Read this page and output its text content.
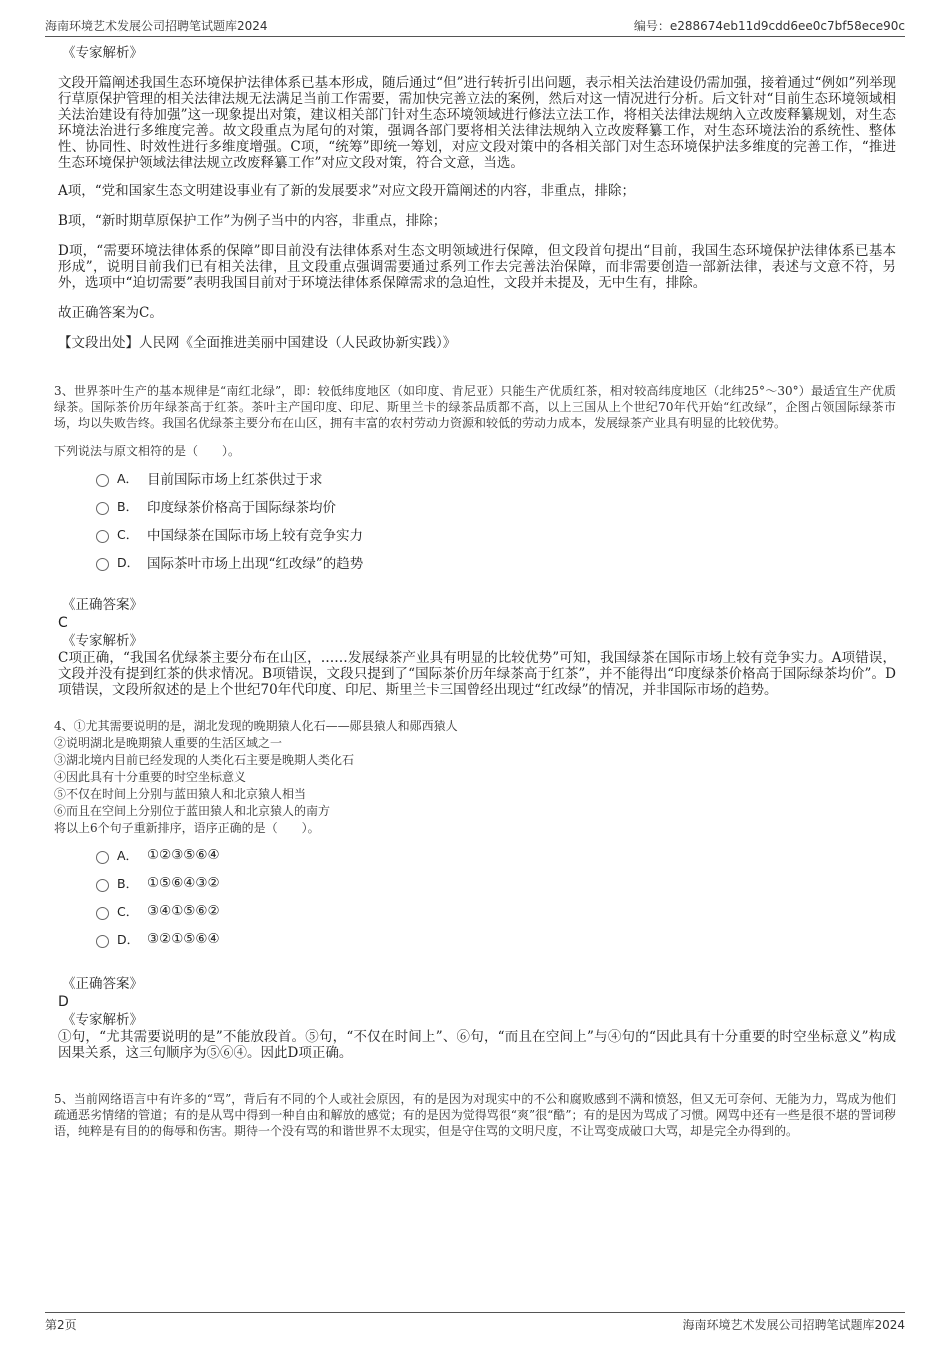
海南环境艺术发展公司招聘笔试题库2024	编号：e288674eb11d9cdd6ee0c7bf58ece90c
《专家解析》

文段开篇阐述我国生态环境保护法律体系已基本形成，随后通过“但”进行转折引出问题，表示相关法治建设仍需加强，接着通过“例如”列举现行草原保护管理的相关法律法规无法满足当前工作需要，需加快完善立法的案例，然后对这一情况进行分析。后文针对“目前生态环境领域相关法治建设有待加强”这一现象提出对策，建议相关部门针对生态环境领域进行修法立法工作，将相关法律法规纳入立改废释纂规划，对生态环境法治进行多维度完善。故文段重点为尾句的对策，强调各部门要将相关法律法规纳入立改废释纂工作，对生态环境法治的系统性、整体性、协同性、时效性进行多维度增强。C项，“统筹”即统一筹划，对应文段对策中的各相关部门对生态环境保护法多维度的完善工作，“推进生态环境保护领域法律法规立改废释纂工作”对应文段对策，符合文意，当选。

A项，“党和国家生态文明建设事业有了新的发展要求”对应文段开篇阐述的内容，非重点，排除；

B项，“新时期草原保护工作”为例子当中的内容，非重点，排除；

D项，“需要环境法律体系的保障”即目前没有法律体系对生态文明领域进行保障，但文段首句提出“目前，我国生态环境保护法律体系已基本形成”，说明目前我们已有相关法律，且文段重点强调需要通过系列工作去完善法治保障，而非需要创造一部新法律，表述与文意不符，另外，选项中“迫切需要”表明我国目前对于环境法律体系保障需求的急迫性，文段并未提及，无中生有，排除。

故正确答案为C。

【文段出处】人民网《全面推进美丽中国建设（人民政协新实践）》

3、世界茶叶生产的基本规律是“南红北绿”，即：较低纬度地区（如印度、肯尼亚）只能生产优质红茶，相对较高纬度地区（北纬25°～30°）最适宜生产优质绿茶。国际茶价历年绿茶高于红茶。茶叶主产国印度、印尼、斯里兰卡的绿茶品质都不高，以上三国从上个世纪70年代开始“红改绿”，企图占领国际绿茶市场，均以失败告终。我国名优绿茶主要分布在山区，拥有丰富的农村劳动力资源和较低的劳动力成本，发展绿茶产业具有明显的比较优势。

下列说法与原文相符的是（　　）。
A． 目前国际市场上红茶供过于求
B． 印度绿茶价格高于国际绿茶均价
C． 中国绿茶在国际市场上较有竞争实力
D． 国际茶叶市场上出现“红改绿”的趋势
《正确答案》
C
《专家解析》

C项正确，“我国名优绿茶主要分布在山区，……发展绿茶产业具有明显的比较优势”可知，我国绿茶在国际市场上较有竞争实力。A项错误，文段并没有提到红茶的供求情况。B项错误，文段只提到了“国际茶价历年绿茶高于红茶”，并不能得出“印度绿茶价格高于国际绿茶均价”。D项错误，文段所叙述的是上个世纪70年代印度、印尼、斯里兰卡三国曾经出现过“红改绿”的情况，并非国际市场的趋势。

4、①尤其需要说明的是，湖北发现的晚期猿人化石——郧县猿人和郧西猿人
②说明湖北是晚期猿人重要的生活区域之一
③湖北境内目前已经发现的人类化石主要是晚期人类化石
④因此具有十分重要的时空坐标意义
⑤不仅在时间上分别与蓝田猿人和北京猿人相当
⑥而且在空间上分别位于蓝田猿人和北京猿人的南方
将以上6个句子重新排序，语序正确的是（　　）。
A． ①②③⑤⑥④
B． ①⑤⑥④③②
C． ③④①⑤⑥②
D． ③②①⑤⑥④
《正确答案》
D
《专家解析》

①句，“尤其需要说明的是”不能放段首。⑤句，“不仅在时间上”、⑥句，“而且在空间上”与④句的“因此具有十分重要的时空坐标意义”构成因果关系，这三句顺序为⑤⑥④。因此D项正确。

5、当前网络语言中有许多的“骂”，背后有不同的个人或社会原因，有的是因为对现实中的不公和腐败感到不满和愤怒，但又无可奈何、无能为力，骂成为他们疏通恶劣情绪的管道；有的是从骂中得到一种自由和解放的感觉；有的是因为觉得骂很“爽”很“酷”；有的是因为骂成了习惯。网骂中还有一些是很不堪的詈词秽语，纯粹是有目的的侮辱和伤害。期待一个没有骂的和谐世界不太现实，但是守住骂的文明尺度，不让骂变成破口大骂，却是完全办得到的。

第2页	海南环境艺术发展公司招聘笔试题库2024
